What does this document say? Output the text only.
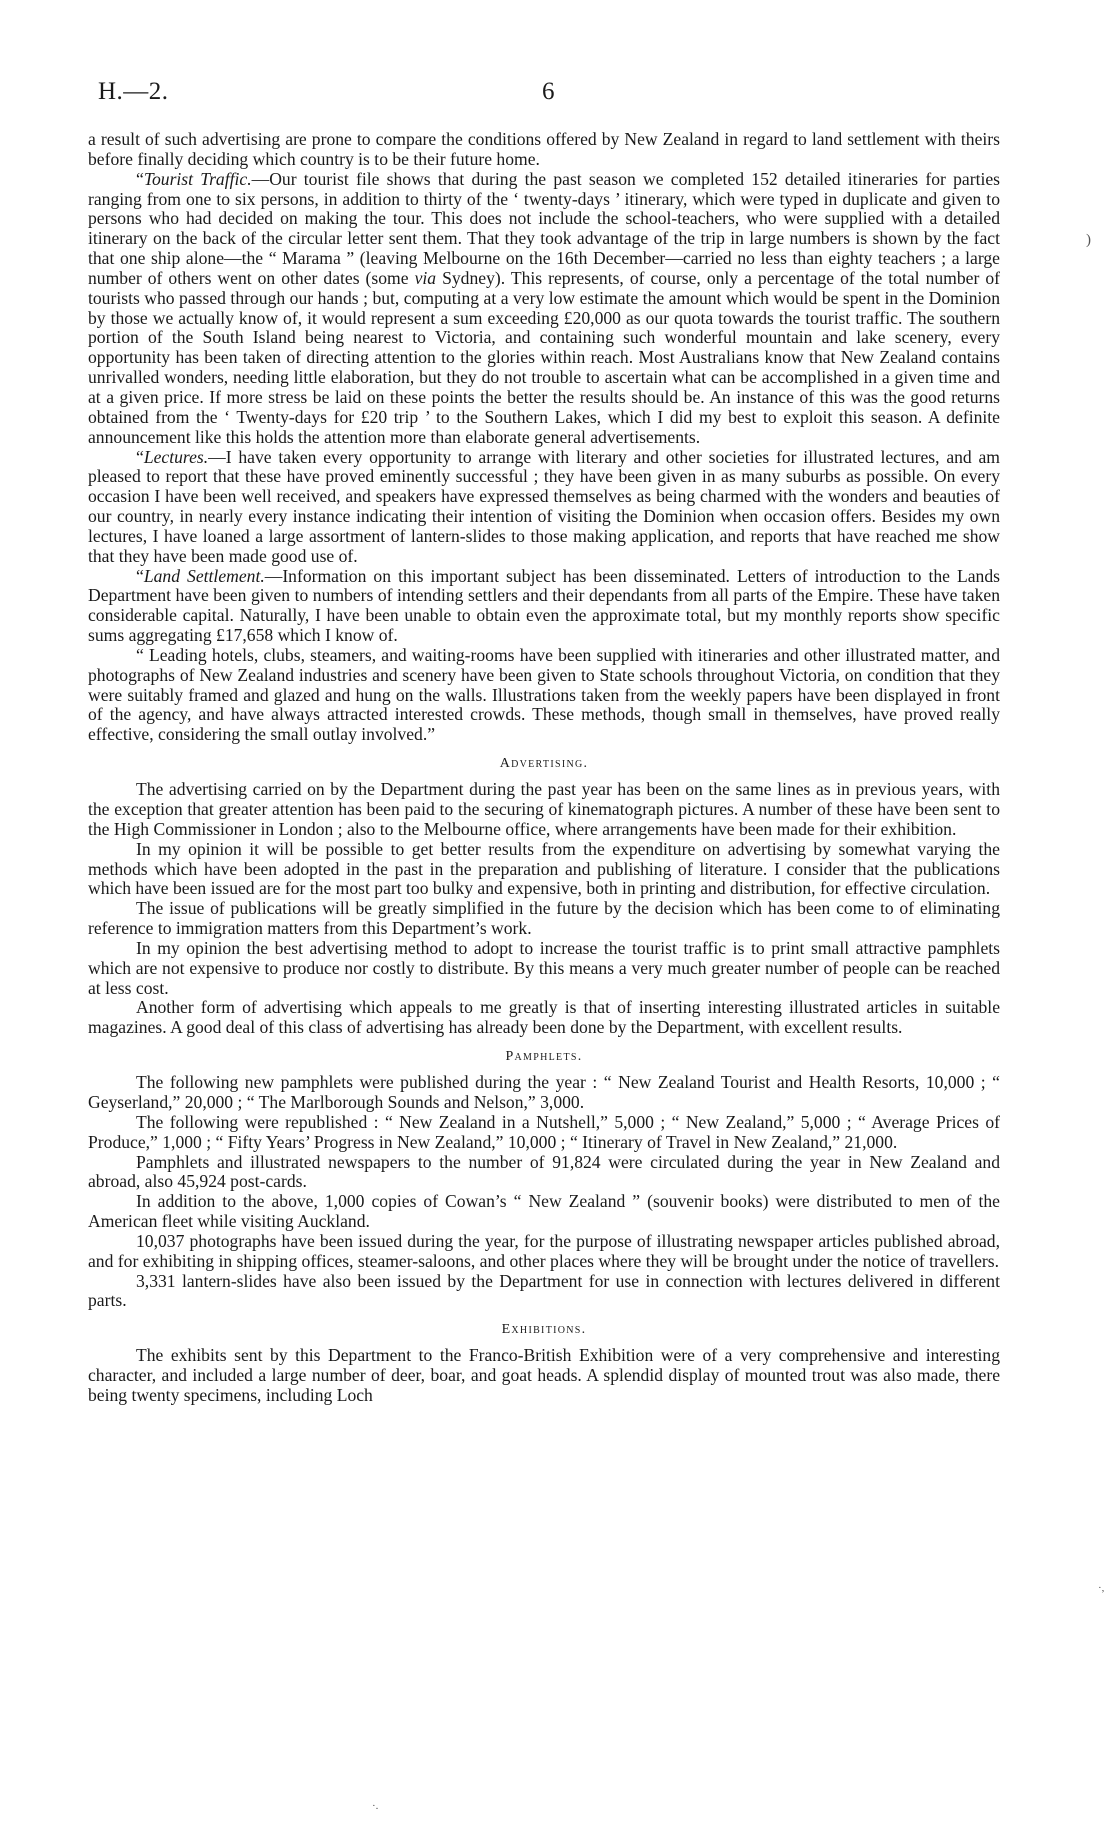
H.—2.	6

a result of such advertising are prone to compare the conditions offered by New Zealand in regard to land settlement with theirs before finally deciding which country is to be their future home.

“Tourist Traffic.—Our tourist file shows that during the past season we completed 152 detailed itineraries for parties ranging from one to six persons, in addition to thirty of the ‘ twenty-days ’ itinerary, which were typed in duplicate and given to persons who had decided on making the tour. This does not include the school-teachers, who were supplied with a detailed itinerary on the back of the circular letter sent them. That they took advantage of the trip in large numbers is shown by the fact that one ship alone—the “ Marama ” (leaving Melbourne on the 16th December—carried no less than eighty teachers ; a large number of others went on other dates (some via Sydney). This represents, of course, only a percentage of the total number of tourists who passed through our hands ; but, computing at a very low estimate the amount which would be spent in the Dominion by those we actually know of, it would represent a sum exceeding £20,000 as our quota towards the tourist traffic. The southern portion of the South Island being nearest to Victoria, and containing such wonderful mountain and lake scenery, every opportunity has been taken of directing attention to the glories within reach. Most Australians know that New Zealand contains unrivalled wonders, needing little elaboration, but they do not trouble to ascertain what can be accomplished in a given time and at a given price. If more stress be laid on these points the better the results should be. An instance of this was the good returns obtained from the ‘ Twenty-days for £20 trip ’ to the Southern Lakes, which I did my best to exploit this season. A definite announcement like this holds the attention more than elaborate general advertisements.

“Lectures.—I have taken every opportunity to arrange with literary and other societies for illustrated lectures, and am pleased to report that these have proved eminently successful ; they have been given in as many suburbs as possible. On every occasion I have been well received, and speakers have expressed themselves as being charmed with the wonders and beauties of our country, in nearly every instance indicating their intention of visiting the Dominion when occasion offers. Besides my own lectures, I have loaned a large assortment of lantern-slides to those making application, and reports that have reached me show that they have been made good use of.

“Land Settlement.—Information on this important subject has been disseminated. Letters of introduction to the Lands Department have been given to numbers of intending settlers and their dependants from all parts of the Empire. These have taken considerable capital. Naturally, I have been unable to obtain even the approximate total, but my monthly reports show specific sums aggregating £17,658 which I know of.

“ Leading hotels, clubs, steamers, and waiting-rooms have been supplied with itineraries and other illustrated matter, and photographs of New Zealand industries and scenery have been given to State schools throughout Victoria, on condition that they were suitably framed and glazed and hung on the walls. Illustrations taken from the weekly papers have been displayed in front of the agency, and have always attracted interested crowds. These methods, though small in themselves, have proved really effective, considering the small outlay involved.”

Advertising.

The advertising carried on by the Department during the past year has been on the same lines as in previous years, with the exception that greater attention has been paid to the securing of kinematograph pictures. A number of these have been sent to the High Commissioner in London ; also to the Melbourne office, where arrangements have been made for their exhibition.

In my opinion it will be possible to get better results from the expenditure on advertising by somewhat varying the methods which have been adopted in the past in the preparation and publishing of literature. I consider that the publications which have been issued are for the most part too bulky and expensive, both in printing and distribution, for effective circulation.

The issue of publications will be greatly simplified in the future by the decision which has been come to of eliminating reference to immigration matters from this Department’s work.

In my opinion the best advertising method to adopt to increase the tourist traffic is to print small attractive pamphlets which are not expensive to produce nor costly to distribute. By this means a very much greater number of people can be reached at less cost.

Another form of advertising which appeals to me greatly is that of inserting interesting illustrated articles in suitable magazines. A good deal of this class of advertising has already been done by the Department, with excellent results.

Pamphlets.

The following new pamphlets were published during the year : “ New Zealand Tourist and Health Resorts, 10,000 ; “ Geyserland,” 20,000 ; “ The Marlborough Sounds and Nelson,” 3,000.

The following were republished : “ New Zealand in a Nutshell,” 5,000 ; “ New Zealand,” 5,000 ; “ Average Prices of Produce,” 1,000 ; “ Fifty Years’ Progress in New Zealand,” 10,000 ; “ Itinerary of Travel in New Zealand,” 21,000.

Pamphlets and illustrated newspapers to the number of 91,824 were circulated during the year in New Zealand and abroad, also 45,924 post-cards.

In addition to the above, 1,000 copies of Cowan’s “ New Zealand ” (souvenir books) were distributed to men of the American fleet while visiting Auckland.

10,037 photographs have been issued during the year, for the purpose of illustrating newspaper articles published abroad, and for exhibiting in shipping offices, steamer-saloons, and other places where they will be brought under the notice of travellers.

3,331 lantern-slides have also been issued by the Department for use in connection with lectures delivered in different parts.

Exhibitions.

The exhibits sent by this Department to the Franco-British Exhibition were of a very comprehensive and interesting character, and included a large number of deer, boar, and goat heads. A splendid display of mounted trout was also made, there being twenty specimens, including Loch

)
·,
·.
